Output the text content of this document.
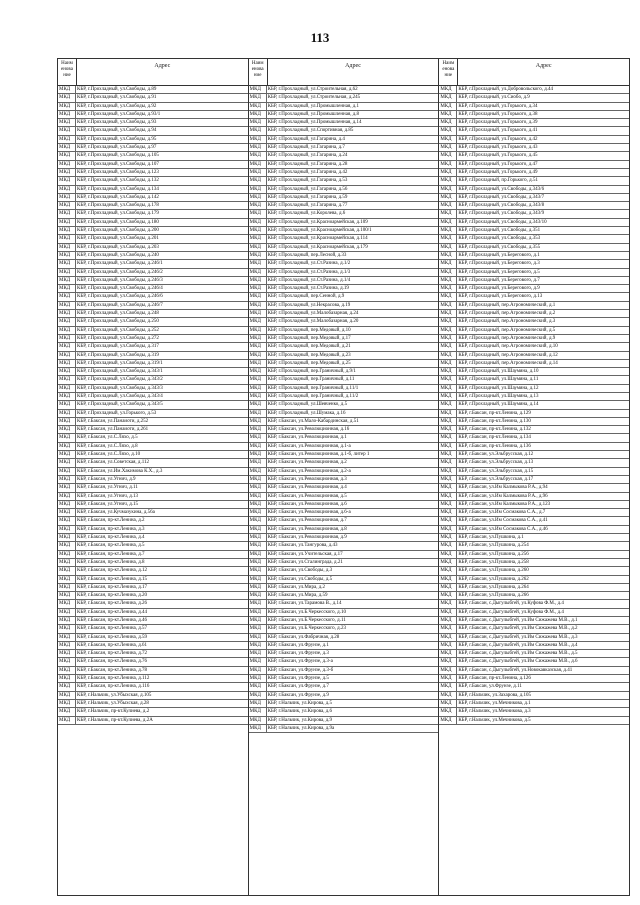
113
Наим енова ние
Адрес
МКД	КБР, г.Прохладный, ул.Свободы, д.89
МКД	КБР, г.Прохладный, ул.Свободы, д.91
МКД	КБР, г.Прохладный, ул.Свободы, д.92
МКД	КБР, г.Прохладный, ул.Свободы, д.93/1
МКД	КБР, г.Прохладный, ул.Свободы, д.93
МКД	КБР, г.Прохладный, ул.Свободы, д.94
МКД	КБР, г.Прохладный, ул.Свободы, д.95
МКД	КБР, г.Прохладный, ул.Свободы, д.97
МКД	КБР, г.Прохладный, ул.Свободы, д.105
МКД	КБР, г.Прохладный, ул.Свободы, д.107
МКД	КБР, г.Прохладный, ул.Свободы, д.123
МКД	КБР, г.Прохладный, ул.Свободы, д.132
МКД	КБР, г.Прохладный, ул.Свободы, д.134
МКД	КБР, г.Прохладный, ул.Свободы, д.142
МКД	КБР, г.Прохладный, ул.Свободы, д.178
МКД	КБР, г.Прохладный, ул.Свободы, д.179
МКД	КБР, г.Прохладный, ул.Свободы, д.180
МКД	КБР, г.Прохладный, ул.Свободы, д.200
МКД	КБР, г.Прохладный, ул.Свободы, д.201
МКД	КБР, г.Прохладный, ул.Свободы, д.203
МКД	КБР, г.Прохладный, ул.Свободы, д.240
МКД	КБР, г.Прохладный, ул.Свободы, д.246/1
МКД	КБР, г.Прохладный, ул.Свободы, д.246/2
МКД	КБР, г.Прохладный, ул.Свободы, д.246/3
МКД	КБР, г.Прохладный, ул.Свободы, д.246/4
МКД	КБР, г.Прохладный, ул.Свободы, д.246/6
МКД	КБР, г.Прохладный, ул.Свободы, д.246/7
МКД	КБР, г.Прохладный, ул.Свободы, д.248
МКД	КБР, г.Прохладный, ул.Свободы, д.250
МКД	КБР, г.Прохладный, ул.Свободы, д.252
МКД	КБР, г.Прохладный, ул.Свободы, д.272
МКД	КБР, г.Прохладный, ул.Свободы, д.317
МКД	КБР, г.Прохладный, ул.Свободы, д.319
МКД	КБР, г.Прохладный, ул.Свободы, д.319/1
МКД	КБР, г.Прохладный, ул.Свободы, д.343/1
МКД	КБР, г.Прохладный, ул.Свободы, д.343/2
МКД	КБР, г.Прохладный, ул.Свободы, д.343/3
МКД	КБР, г.Прохладный, ул.Свободы, д.343/4
МКД	КБР, г.Прохладный, ул.Свободы, д.343/5
МКД	КБР, г.Прохладный, ул.Горького, д.53
МКД	КБР, г.Баксан, ул.Панаиоти, д.252
МКД	КБР, г.Баксан, ул.Панаиоти, д.261
МКД	КБР, г.Баксан, ул.С.Ляхо, д.5
МКД	КБР, г.Баксан, ул.С.Ляхо, д.8
МКД	КБР, г.Баксан, ул.С.Ляхо, д.10
МКД	КБР, г.Баксан, ул.Советская, д.112
МКД	КБР, г.Баксан, ул.Им.Хакимова К.Х., д.3
МКД	КБР, г.Баксан, ул.Угнич, д.9
МКД	КБР, г.Баксан, ул.Угнич, д.11
МКД	КБР, г.Баксан, ул.Угнич, д.13
МКД	КБР, г.Баксан, ул.Угнич, д.15
МКД	КБР, г.Баксан, ул.Кучмазукина, д.56а
МКД	КБР, г.Баксан, пр-кт.Ленина, д.2
МКД	КБР, г.Баксан, пр-кт.Ленина, д.3
МКД	КБР, г.Баксан, пр-кт.Ленина, д.4
МКД	КБР, г.Баксан, пр-кт.Ленина, д.5
МКД	КБР, г.Баксан, пр-кт.Ленина, д.7
МКД	КБР, г.Баксан, пр-кт.Ленина, д.8
МКД	КБР, г.Баксан, пр-кт.Ленина, д.12
МКД	КБР, г.Баксан, пр-кт.Ленина, д.15
МКД	КБР, г.Баксан, пр-кт.Ленина, д.17
МКД	КБР, г.Баксан, пр-кт.Ленина, д.20
МКД	КБР, г.Баксан, пр-кт.Ленина, д.26
МКД	КБР, г.Баксан, пр-кт.Ленина, д.44
МКД	КБР, г.Баксан, пр-кт.Ленина, д.46
МКД	КБР, г.Баксан, пр-кт.Ленина, д.57
МКД	КБР, г.Баксан, пр-кт.Ленина, д.59
МКД	КБР, г.Баксан, пр-кт.Ленина, д.61
МКД	КБР, г.Баксан, пр-кт.Ленина, д.72
МКД	КБР, г.Баксан, пр-кт.Ленина, д.76
МКД	КБР, г.Баксан, пр-кт.Ленина, д.78
МКД	КБР, г.Баксан, пр-кт.Ленина, д.112
МКД	КБР, г.Баксан, пр-кт.Ленина, д.116
МКД	КБР, г.Нальчик, ул.Убыхская, д.105
МКД	КБР, г.Нальчик, ул.Убыхская, д.28
МКД	КБР, г.Нальчик, пр-кт.Кулиева, д.2
МКД	КБР, г.Нальчик, пр-кт.Кулиева, д.2А
Наим енова ние
Адрес
МКД	КБР, г.Прохладный, ул.Строительная, д.62
МКД	КБР, г.Прохладный, ул.Строительная, д.245
МКД	КБР, г.Прохладный, ул.Промышленная, д.1
МКД	КБР, г.Прохладный, ул.Промышленная, д.8
МКД	КБР, г.Прохладный, ул.Промышленная, д.14
МКД	КБР, г.Прохладный, ул.Спортивная, д.85
МКД	КБР, г.Прохладный, ул.Гагарина, д.4
МКД	КБР, г.Прохладный, ул.Гагарина, д.7
МКД	КБР, г.Прохладный, ул.Гагарина, д.24
МКД	КБР, г.Прохладный, ул.Гагарина, д.28
МКД	КБР, г.Прохладный, ул.Гагарина, д.42
МКД	КБР, г.Прохладный, ул.Гагарина, д.53
МКД	КБР, г.Прохладный, ул.Гагарина, д.56
МКД	КБР, г.Прохладный, ул.Гагарина, д.59
МКД	КБР, г.Прохладный, ул.Гагарина, д.77
МКД	КБР, г.Прохладный, ул.Королева, д.6
МКД	КБР, г.Прохладный, ул.Красноармейская, д.109
МКД	КБР, г.Прохладный, ул.Красноармейская, д.100/1
МКД	КБР, г.Прохладный, ул.Красноармейская, д.114
МКД	КБР, г.Прохладный, ул.Красноармейская, д.179
МКД	КБР, г.Прохладный, пер.Лесной, д.33
МКД	КБР, г.Прохладный, ул.Ст.Разина, д.1/2
МКД	КБР, г.Прохладный, ул.Ст.Разина, д.1/3
МКД	КБР, г.Прохладный, ул.Ст.Разина, д.1/4
МКД	КБР, г.Прохладный, ул.Ст.Разина, д.19
МКД	КБР, г.Прохладный, пер.Сенной, д.9
МКД	КБР, г.Прохладный, ул.Некрасова, д.19
МКД	КБР, г.Прохладный, ул.Малобазарная, д.24
МКД	КБР, г.Прохладный, ул.Малобазарная, д.20
МКД	КБР, г.Прохладный, пер.Медовый, д.10
МКД	КБР, г.Прохладный, пер.Медовый, д.17
МКД	КБР, г.Прохладный, пер.Медовый, д.21
МКД	КБР, г.Прохладный, пер.Медовый, д.23
МКД	КБР, г.Прохладный, пер.Медовый, д.25
МКД	КБР, г.Прохладный, пер.Граничный, д.9/1
МКД	КБР, г.Прохладный, пер.Граничный, д.11
МКД	КБР, г.Прохладный, пер.Граничный, д.11/1
МКД	КБР, г.Прохладный, пер.Граничный, д.11/2
МКД	КБР, г.Прохладный, ул.Шевченко, д.5
МКД	КБР, г.Прохладный, ул.Шумака, д.16
МКД	КБР, г.Баксан, ул.Мало-Кабардинская, д.51
МКД	КБР, г.Баксан, ул.Революционная, д.16
МКД	КБР, г.Баксан, ул.Революционная, д.1
МКД	КБР, г.Баксан, ул.Революционная, д.1-а
МКД	КБР, г.Баксан, ул.Революционная, д.1-б, литер 1
МКД	КБР, г.Баксан, ул.Революционная, д.2
МКД	КБР, г.Баксан, ул.Революционная, д.2-а
МКД	КБР, г.Баксан, ул.Революционная, д.3
МКД	КБР, г.Баксан, ул.Революционная, д.4
МКД	КБР, г.Баксан, ул.Революционная, д.5
МКД	КБР, г.Баксан, ул.Революционная, д.6
МКД	КБР, г.Баксан, ул.Революционная, д.6-а
МКД	КБР, г.Баксан, ул.Революционная, д.7
МКД	КБР, г.Баксан, ул.Революционная, д.8
МКД	КБР, г.Баксан, ул.Революционная, д.9
МКД	КБР, г.Баксан, ул.Тангурова, д.43
МКД	КБР, г.Баксан, ул.Учительская, д.17
МКД	КБР, г.Баксан, ул.Сталинграда, д.21
МКД	КБР, г.Баксан, ул.Свободы, д.3
МКД	КБР, г.Баксан, ул.Свободы, д.5
МКД	КБР, г.Баксан, ул.Мира, д.2
МКД	КБР, г.Баксан, ул.Мира, д.59
МКД	КБР, г.Баксан, ул.Тарамова В., д.14
МКД	КБР, г.Баксан, ул.Б.Черкесского, д.10
МКД	КБР, г.Баксан, ул.Б.Черкесского, д.11
МКД	КБР, г.Баксан, ул.Б.Черкесского, д.23
МКД	КБР, г.Баксан, ул.Фабричная, д.28
МКД	КБР, г.Баксан, ул.Фрунзе, д.1
МКД	КБР, г.Баксан, ул.Фрунзе, д.3
МКД	КБР, г.Баксан, ул.Фрунзе, д.3-а
МКД	КБР, г.Баксан, ул.Фрунзе, д.3-б
МКД	КБР, г.Баксан, ул.Фрунзе, д.5
МКД	КБР, г.Баксан, ул.Фрунзе, д.7
МКД	КБР, г.Баксан, ул.Фрунзе, д.9
МКД	КБР, г.Нальчик, ул.Кирова, д.5
МКД	КБР, г.Нальчик, ул.Кирова, д.6
МКД	КБР, г.Нальчик, ул.Кирова, д.9
МКД	КБР, г.Нальчик, ул.Кирова, д.9а
Наим енова ние
Адрес
МКД	КБР, г.Прохладный, ул.Добровольского, д.44
МКД	КБР, г.Прохладный, ул.Сиобо, д.9
МКД	КБР, г.Прохладный, ул.Горького, д.34
МКД	КБР, г.Прохладный, ул.Горького, д.38
МКД	КБР, г.Прохладный, ул.Горького, д.39
МКД	КБР, г.Прохладный, ул.Горького, д.41
МКД	КБР, г.Прохладный, ул.Горького, д.42
МКД	КБР, г.Прохладный, ул.Горького, д.43
МКД	КБР, г.Прохладный, ул.Горького, д.45
МКД	КБР, г.Прохладный, ул.Горького, д.47
МКД	КБР, г.Прохладный, ул.Горького, д.49
МКД	КБР, г.Прохладный, пр.Горького, д.51
МКД	КБР, г.Прохладный, ул.Свободы, д.343/6
МКД	КБР, г.Прохладный, ул.Свободы, д.343/7
МКД	КБР, г.Прохладный, ул.Свободы, д.343/8
МКД	КБР, г.Прохладный, ул.Свободы, д.343/9
МКД	КБР, г.Прохладный, ул.Свободы, д.343/10
МКД	КБР, г.Прохладный, ул.Свободы, д.351
МКД	КБР, г.Прохладный, ул.Свободы, д.353
МКД	КБР, г.Прохладный, ул.Свободы, д.355
МКД	КБР, г.Прохладный, ул.Берегового, д.1
МКД	КБР, г.Прохладный, ул.Берегового, д.3
МКД	КБР, г.Прохладный, ул.Берегового, д.5
МКД	КБР, г.Прохладный, ул.Берегового, д.7
МКД	КБР, г.Прохладный, ул.Берегового, д.9
МКД	КБР, г.Прохладный, ул.Берегового, д.13
МКД	КБР, г.Прохладный, пер.Агрономический, д.1
МКД	КБР, г.Прохладный, пер.Агрономический, д.2
МКД	КБР, г.Прохладный, пер.Агрономический, д.3
МКД	КБР, г.Прохладный, пер.Агрономический, д.5
МКД	КБР, г.Прохладный, пер.Агрономический, д.9
МКД	КБР, г.Прохладный, пер.Агрономический, д.10
МКД	КБР, г.Прохладный, пер.Агрономический, д.12
МКД	КБР, г.Прохладный, пер.Агрономический, д.14
МКД	КБР, г.Прохладный, ул.Шаумяна, д.10
МКД	КБР, г.Прохладный, ул.Шаумяна, д.11
МКД	КБР, г.Прохладный, ул.Шаумяна, д.12
МКД	КБР, г.Прохладный, ул.Шаумяна, д.13
МКД	КБР, г.Прохладный, ул.Шаумяна, д.14
МКД	КБР, г.Баксан, пр-кт.Ленина, д.129
МКД	КБР, г.Баксан, пр-кт.Ленина, д.130
МКД	КБР, г.Баксан, пр-кт.Ленина, д.132
МКД	КБР, г.Баксан, пр-кт.Ленина, д.134
МКД	КБР, г.Баксан, пр-кт.Ленина, д.136
МКД	КБР, г.Баксан, ул.Эльбрусская, д.12
МКД	КБР, г.Баксан, ул.Эльбрусская, д.13
МКД	КБР, г.Баксан, ул.Эльбрусская, д.15
МКД	КБР, г.Баксан, ул.Эльбрусская, д.17
МКД	КБР, г.Баксан, ул.Им Калмыкова Р.А., д.94
МКД	КБР, г.Баксан, ул.Им Калмыкова Р.А., д.96
МКД	КБР, г.Баксан, ул.Им Калмыкова Р.А., д.123
МКД	КБР, г.Баксан, ул.Им Сосмакова С.А., д.7
МКД	КБР, г.Баксан, ул.Им Сосмакова С.А., д.41
МКД	КБР, г.Баксан, ул.Им Сосмакова С.А., д.46
МКД	КБР, г.Баксан, ул.Пушкина, д.1
МКД	КБР, г.Баксан, ул.Пушкина, д.254
МКД	КБР, г.Баксан, ул.Пушкина, д.256
МКД	КБР, г.Баксан, ул.Пушкина, д.258
МКД	КБР, г.Баксан, ул.Пушкина, д.260
МКД	КБР, г.Баксан, ул.Пушкина, д.262
МКД	КБР, г.Баксан, ул.Пушкина, д.264
МКД	КБР, г.Баксан, ул.Пушкина, д.266
МКД	КБР, г.Баксан, с.Дыгулыбгей, ул.Куфова Ф.М., д.4
МКД	КБР, г.Баксан, с.Дыгулыбгей, ул.Куфова Ф.М., д.4
МКД	КБР, г.Баксан, с.Дыгулыбгей, ул.Им Сижажева М.В., д.1
МКД	КБР, г.Баксан, с.Дыгулыбгей, ул.Им Сижажева М.В., д.2
МКД	КБР, г.Баксан, с.Дыгулыбгей, ул.Им Сижажева М.В., д.3
МКД	КБР, г.Баксан, с.Дыгулыбгей, ул.Им Сижажева М.В., д.4
МКД	КБР, г.Баксан, с.Дыгулыбгей, ул.Им Сижажева М.В., д.5
МКД	КБР, г.Баксан, с.Дыгулыбгей, ул.Им Сижажева М.В., д.6
МКД	КБР, г.Баксан, с.Дыгулыбгей, ул.Новокавказская, д.41
МКД	КБР, г.Баксан, пр-кт.Ленина, д.126
МКД	КБР, г.Баксан, ул.Фрунзе, д.11
МКД	КБР, г.Нальчик, ул.Захарова, д.105
МКД	КБР, г.Нальчик, ул.Мечникова, д.1
МКД	КБР, г.Нальчик, ул.Мечникова, д.3
МКД	КБР, г.Нальчик, ул.Мечникова, д.5
